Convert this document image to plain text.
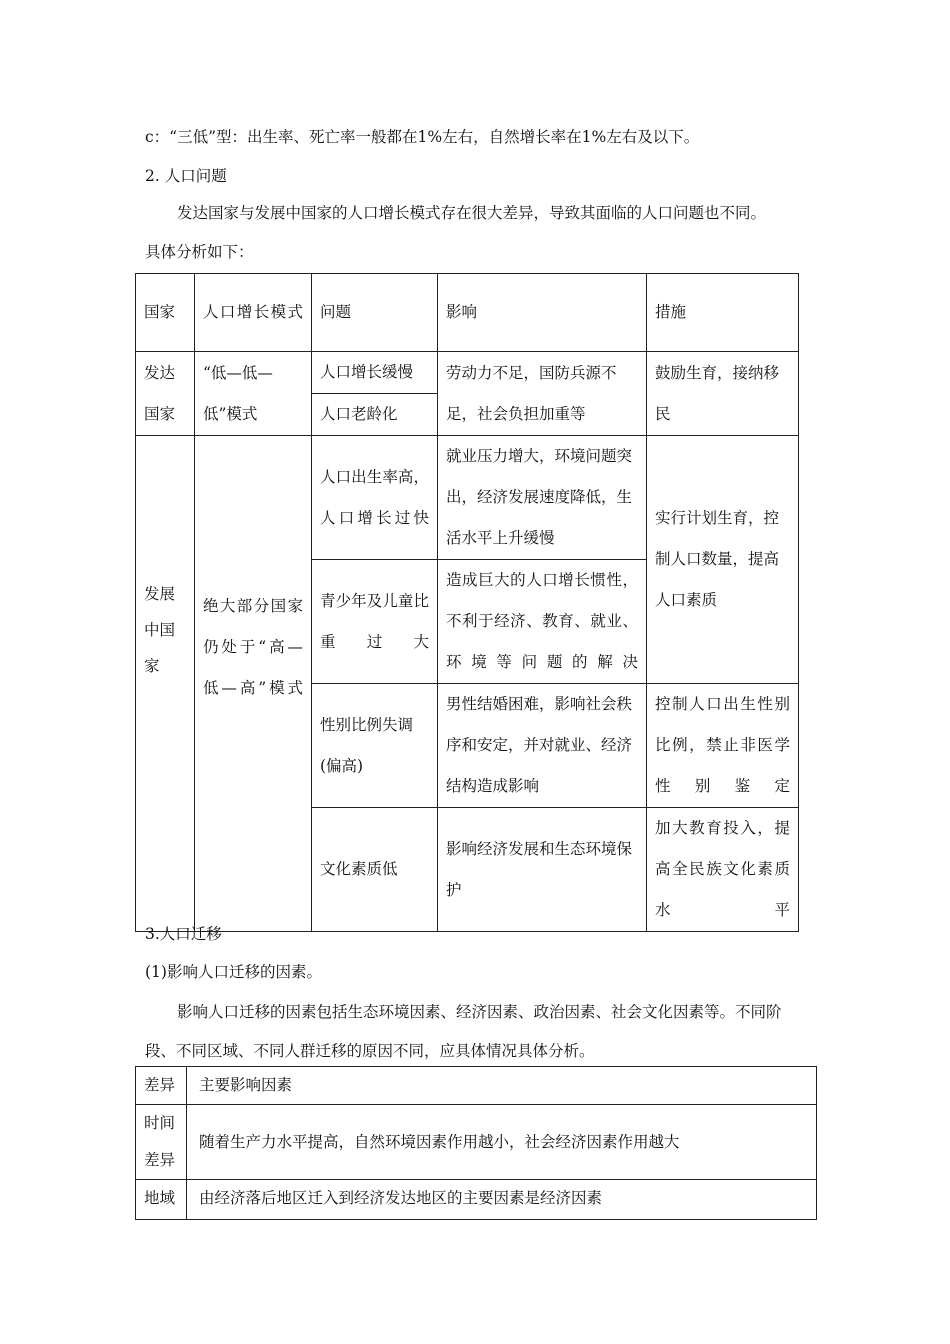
c：“三低”型：出生率、死亡率一般都在1%左右，自然增长率在1%左右及以下。
2. 人口问题
发达国家与发展中国家的人口增长模式存在很大差异，导致其面临的人口问题也不同。
具体分析如下：
国家	人口增长模式	问题	影响	措施

发达国家	“低—低—低”模式	人口增长缓慢	劳动力不足，国防兵源不足，社会负担加重等	鼓励生育，接纳移民

		人口老龄化		

发展中国家	绝大部分国家仍处于“高—低—高”模式	人口出生率高，人口增长过快	就业压力增大，环境问题突出，经济发展速度降低，生活水平上升缓慢	实行计划生育，控制人口数量，提高人口素质

		青少年及儿童比重过大	造成巨大的人口增长惯性，不利于经济、教育、就业、环境等问题的解决	

		性别比例失调(偏高)	男性结婚困难，影响社会秩序和安定，并对就业、经济结构造成影响	控制人口出生性别比例，禁止非医学性别鉴定

		文化素质低	影响经济发展和生态环境保护	加大教育投入，提高全民族文化素质水平
3.人口迁移
(1)影响人口迁移的因素。
影响人口迁移的因素包括生态环境因素、经济因素、政治因素、社会文化因素等。不同阶
段、不同区域、不同人群迁移的原因不同，应具体情况具体分析。
差异	主要影响因素

时间差异	随着生产力水平提高，自然环境因素作用越小，社会经济因素作用越大
地域	由经济落后地区迁入到经济发达地区的主要因素是经济因素
